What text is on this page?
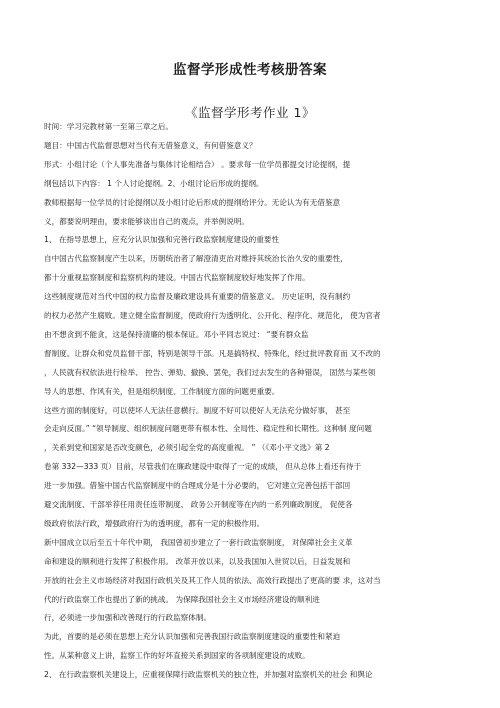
监督学形成性考核册答案
《监督学形考作业 1》
时间：学习完教材第一至第三章之后。
题目：中国古代监督思想对当代有无借鉴意义，有何借鉴意义？
形式：小组讨论（个人事先准备与集体讨论相结合） 。要求每一位学员都提交讨论提纲，提
纲包括以下内容： 1 个人讨论提纲。2、小组讨论后形成的提纲。
教师根据每一位学员的讨论提纲以及小组讨论后形成的提纲给评分。无论认为有无借鉴意
义，都要说明理由，要求能够谈出自己的观点，并举例说明。
1、 在指导思想上，应充分认识加强和完善行政监察制度建设的重要性
自中国古代监察制度产生以来，历朝统治者了解澄清吏治对维持其统治长治久安的重要性，
都十分重视监察制度和监察机构的建设。中国古代监察制度较好地发挥了作用。
这些制度规范对当代中国的权力监督及廉政建设具有重要的借鉴意义。 历史证明，没有制约
的权力必然产生腐败。建立健全监督制度，使政府行为透明化、公开化、程序化、规范化， 使为官者
由不想贪到不能贪，这是保持清廉的根本保证。邓小平同志说过： “要有群众监
督制度。让群众和党员监督干部，特别是领导干部。凡是搞特权、特殊化，经过批评教育而 又不改的
，人民就有权依法进行检举、 控告、弹劾、撤换、罢免，我们过去发生的各种错误， 固然与某些领
导人的思想、作风有关，但是组织制度、工作制度方面的问题更重要。
这些方面的制度好，可以使坏人无法任意横行。制度不好可以使好人无法充分做好事， 甚至
会走向反面。” “领导制度、组织制度问题更带有根本性、全局性、稳定性和长期性。这种制 度问题
，关系到党和国家是否改变颜色，必须引起全党的高度重视。 ” （《邓小平文选》第 2
卷第 332—333 页）目前，尽管我们在廉政建设中取得了一定的成绩， 但从总体上看还有待于
进一步加强。借鉴中国古代监察制度中的合理成分是十分必要的， 它对建立完善包括干部回
避交流制度、干部举荐任用责任连带制度、 政务公开制度等在内的一系列廉政制度， 促使各
级政府依法行政，增强政府行为的透明度，都有一定的积极作用。
新中国成立以后至五十年代中期， 我国曾初步建立了一套行政监察制度， 对保障社会主义革
命和建设的顺利进行发挥了积极作用。 改革开放以来，以及我国加入世贸以后，日益发展和
开放的社会主义市场经济对我国行政机关及其工作人员的依法、高效行政提出了更高的要 求，这对当
代的行政监察工作也提出了新的挑战。 为保障我国社会主义市场经济建设的顺利进
行，必须进一步加强和改善现行的行政监察体制。
为此，首要的是必须在思想上充分认识加强和完善我国行政监察制度建设的重要性和紧迫
性。从某种意义上讲，监察工作的好坏直接关系到国家的各项制度建设的成败。
2、 在行政监察机关建设上，应重视保障行政监察机关的独立性，并加强对监察机关的社会 和舆论
